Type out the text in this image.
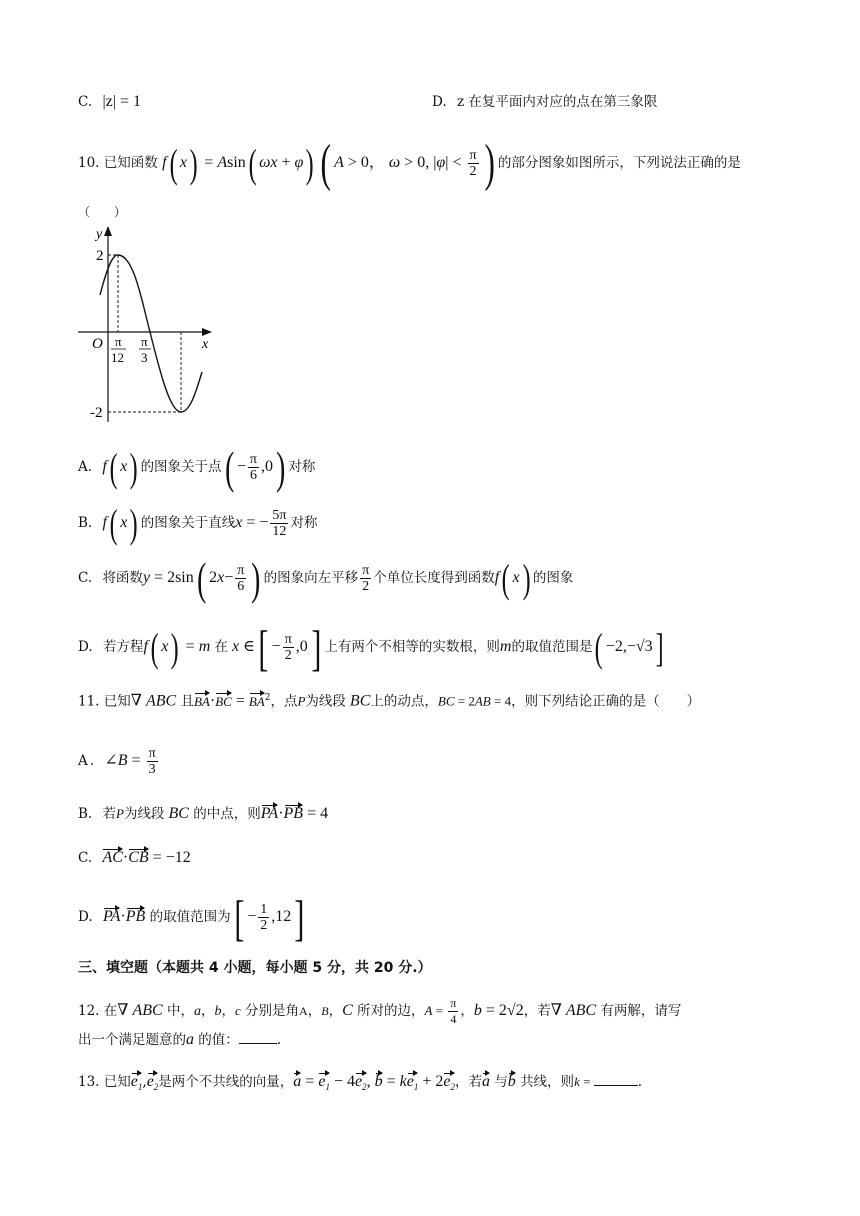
C. |z| = 1	D. z 在复平面内对应的点在第三象限
10. 已知函数 f( x) = Asin( ωx + φ) ( A > 0， ω > 0, $|\varphi| < \frac{\pi}{2}$ ) 的部分图象如图所示，下列说法正确的是
（　　）
y
x
O
2
-2
π
12
π
3
A. f( x) 的图象关于点( − $\frac{\pi}{6} ,0$) 对称
B. f( x) 的图象关于直线x = − $\frac{5\pi}{12}$ 对称
C. 将函数y = 2sin( $2x- \frac{\pi}{6}$ ) 的图象向左平移 $\frac{\pi}{2}$ 个单位长度得到函数f( x) 的图象
D. 若方程f( x) = m 在 x ∈[ − $\frac{\pi}{2} ,0$] 上有两个不相等的实数根，则m的取值范围是( −2,−√3]
11. 已知∇ ABC 且$BA\cdot BC = BA^2$，点P为线段 BC上的动点，BC = 2AB = 4，则下列结论正确的是（　　）
A . ∠B = $\frac{\pi}{3}$
B. 若P为线段 BC 的中点，则PA·PB = 4
C. AC·CB = −12
D. PA·PB 的取值范围为[ − $\frac{1}{2} ,12$]
三、填空题（本题共 4 小题，每小题 5 分，共 20 分.）
12. 在∇ ABC 中，a，b，c 分别是角A，B，C 所对的边，$A = \frac{\pi}{4}$ ，b = 2√2，若∇ ABC 有两解，请写
出一个满足题意的a 的值：	.
13. 已知$e_1,e_2$是两个不共线的向量，$a = e_1 - 4e_2$, $b = ke_1 + 2e_2$，若a 与b 共线，则k =	.
